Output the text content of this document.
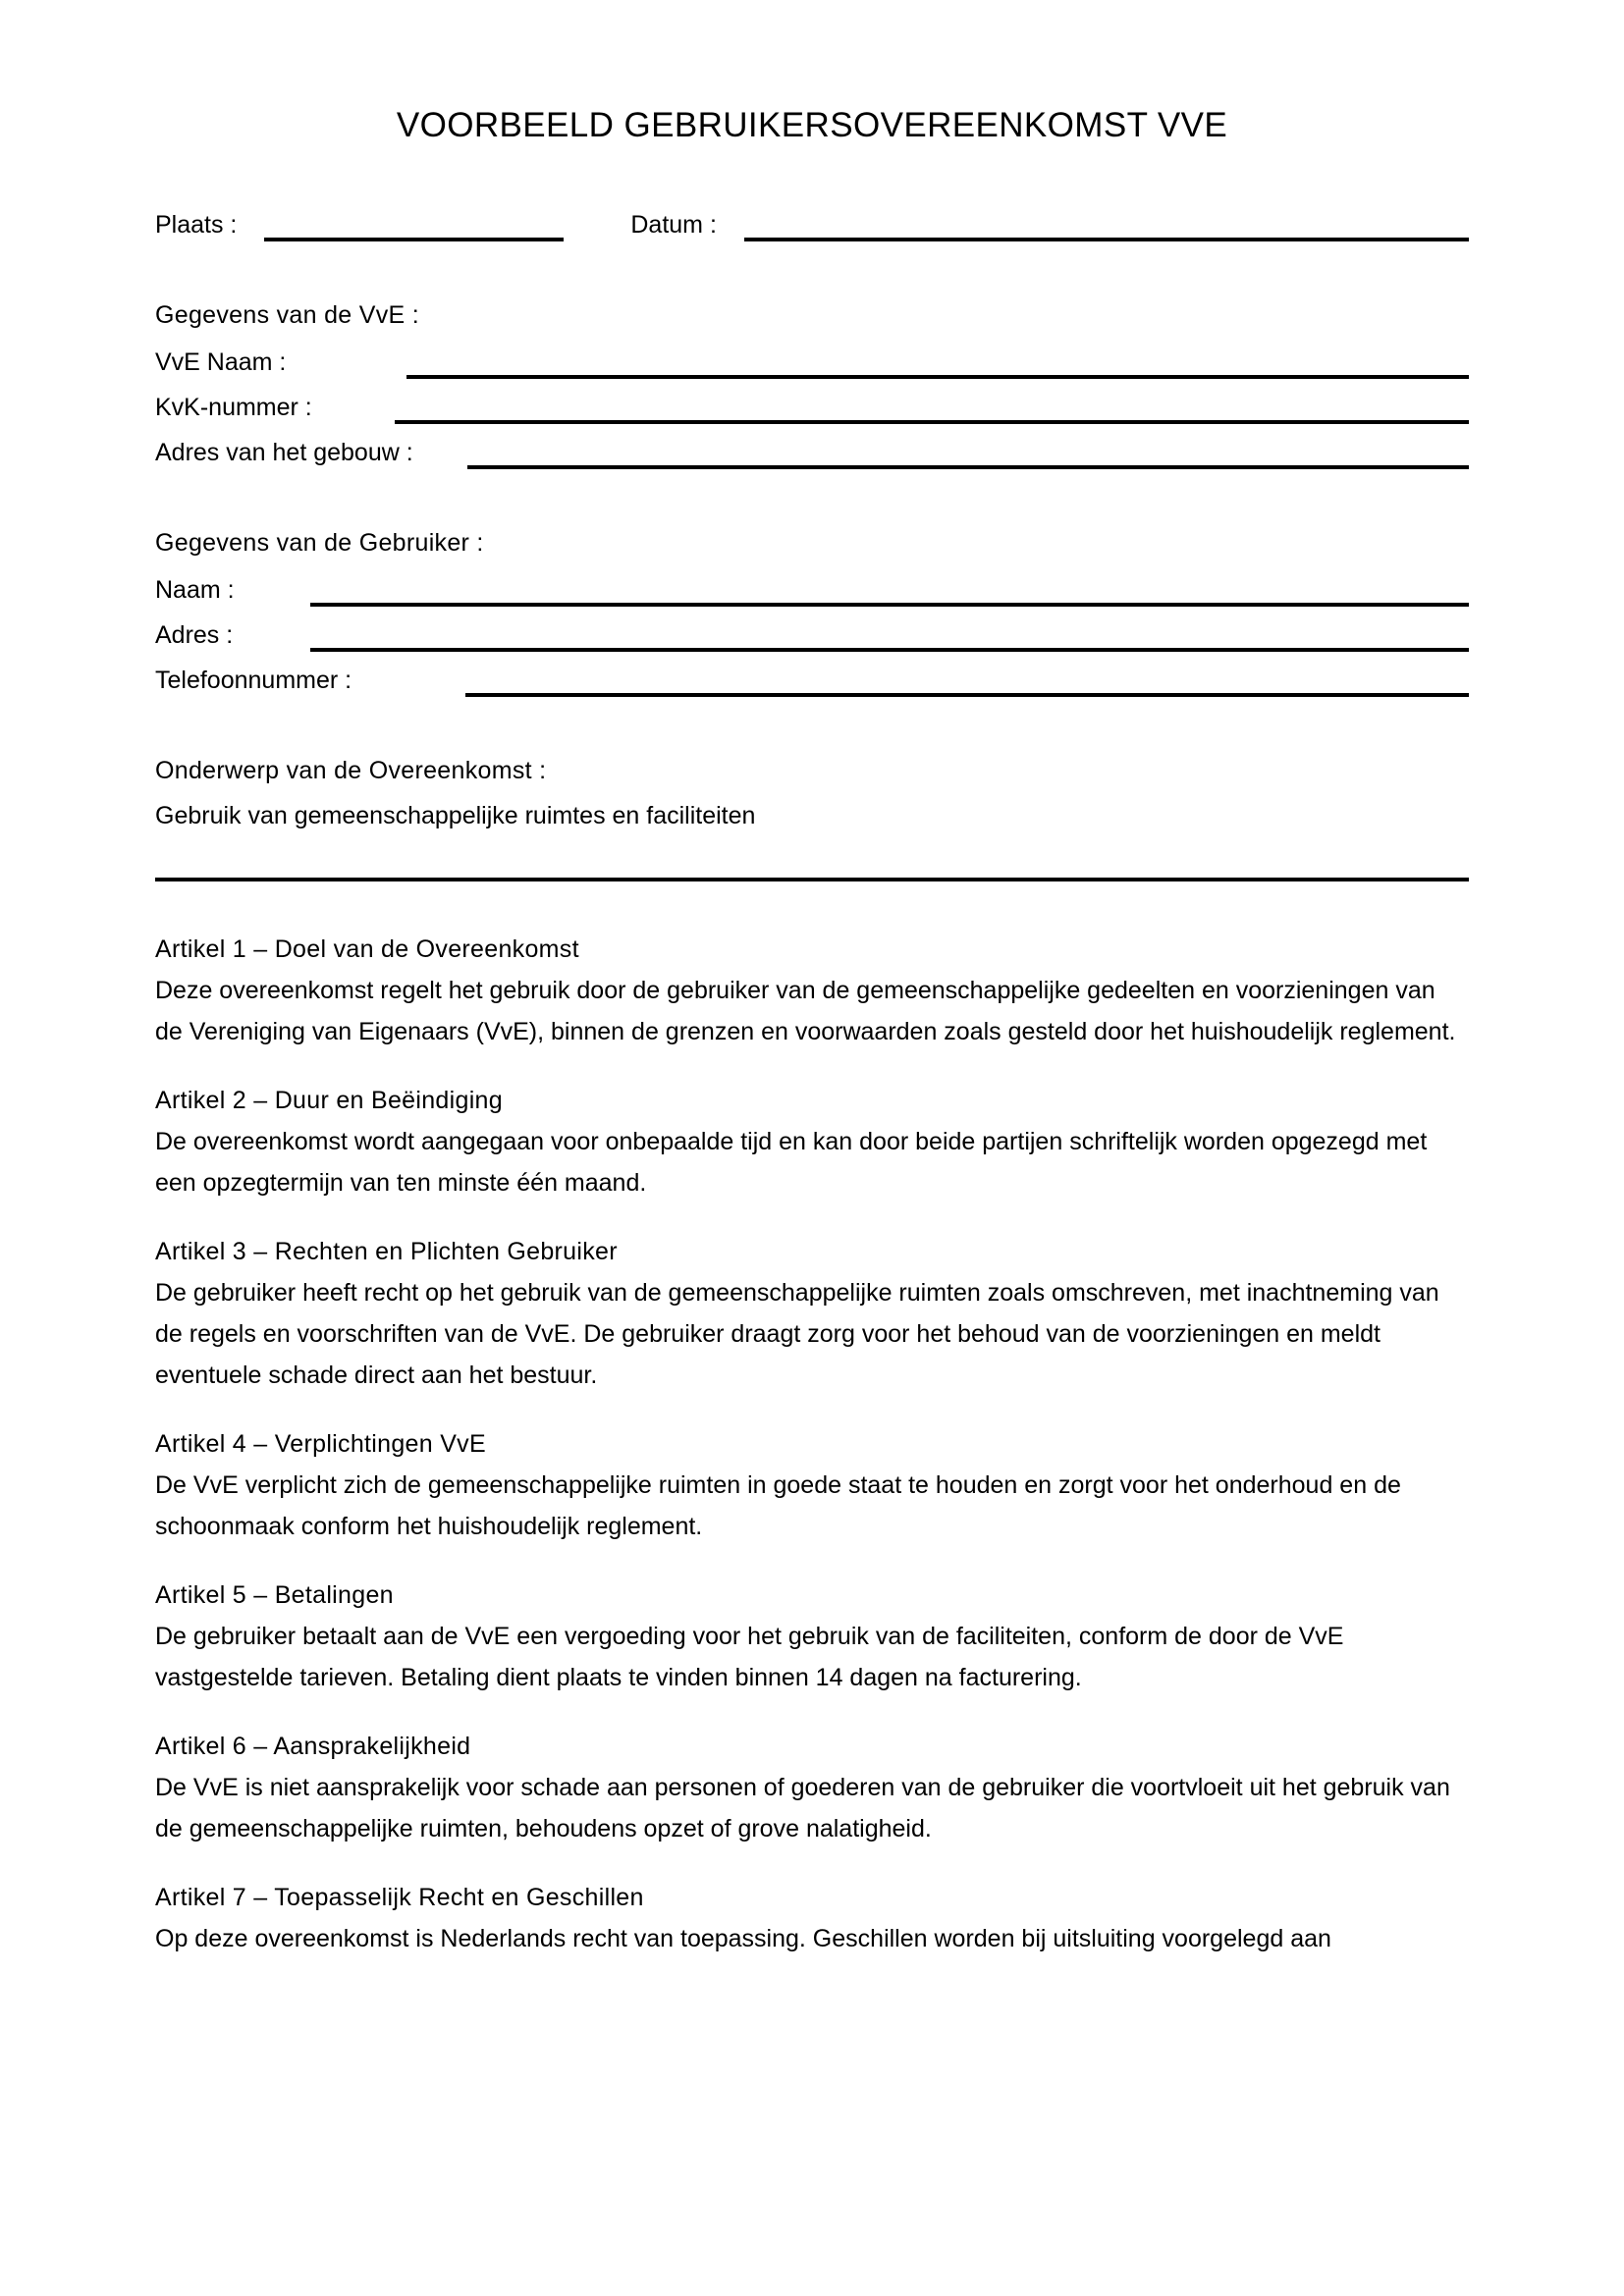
VOORBEELD GEBRUIKERSOVEREENKOMST VVE
Plaats :	Datum :

Gegevens van de VvE :

VvE Naam :
KvK-nummer :
Adres van het gebouw :

Gegevens van de Gebruiker :

Naam :
Adres :
Telefoonnummer :

Onderwerp van de Overeenkomst :

Gebruik van gemeenschappelijke ruimtes en faciliteiten

Artikel 1 – Doel van de Overeenkomst

Deze overeenkomst regelt het gebruik door de gebruiker van de gemeenschappelijke gedeelten en voorzieningen van de Vereniging van Eigenaars (VvE), binnen de grenzen en voorwaarden zoals gesteld door het huishoudelijk reglement.

Artikel 2 – Duur en Beëindiging

De overeenkomst wordt aangegaan voor onbepaalde tijd en kan door beide partijen schriftelijk worden opgezegd met een opzegtermijn van ten minste één maand.

Artikel 3 – Rechten en Plichten Gebruiker

De gebruiker heeft recht op het gebruik van de gemeenschappelijke ruimten zoals omschreven, met inachtneming van de regels en voorschriften van de VvE. De gebruiker draagt zorg voor het behoud van de voorzieningen en meldt eventuele schade direct aan het bestuur.

Artikel 4 – Verplichtingen VvE

De VvE verplicht zich de gemeenschappelijke ruimten in goede staat te houden en zorgt voor het onderhoud en de schoonmaak conform het huishoudelijk reglement.

Artikel 5 – Betalingen

De gebruiker betaalt aan de VvE een vergoeding voor het gebruik van de faciliteiten, conform de door de VvE vastgestelde tarieven. Betaling dient plaats te vinden binnen 14 dagen na facturering.

Artikel 6 – Aansprakelijkheid

De VvE is niet aansprakelijk voor schade aan personen of goederen van de gebruiker die voortvloeit uit het gebruik van de gemeenschappelijke ruimten, behoudens opzet of grove nalatigheid.

Artikel 7 – Toepasselijk Recht en Geschillen

Op deze overeenkomst is Nederlands recht van toepassing. Geschillen worden bij uitsluiting voorgelegd aan
